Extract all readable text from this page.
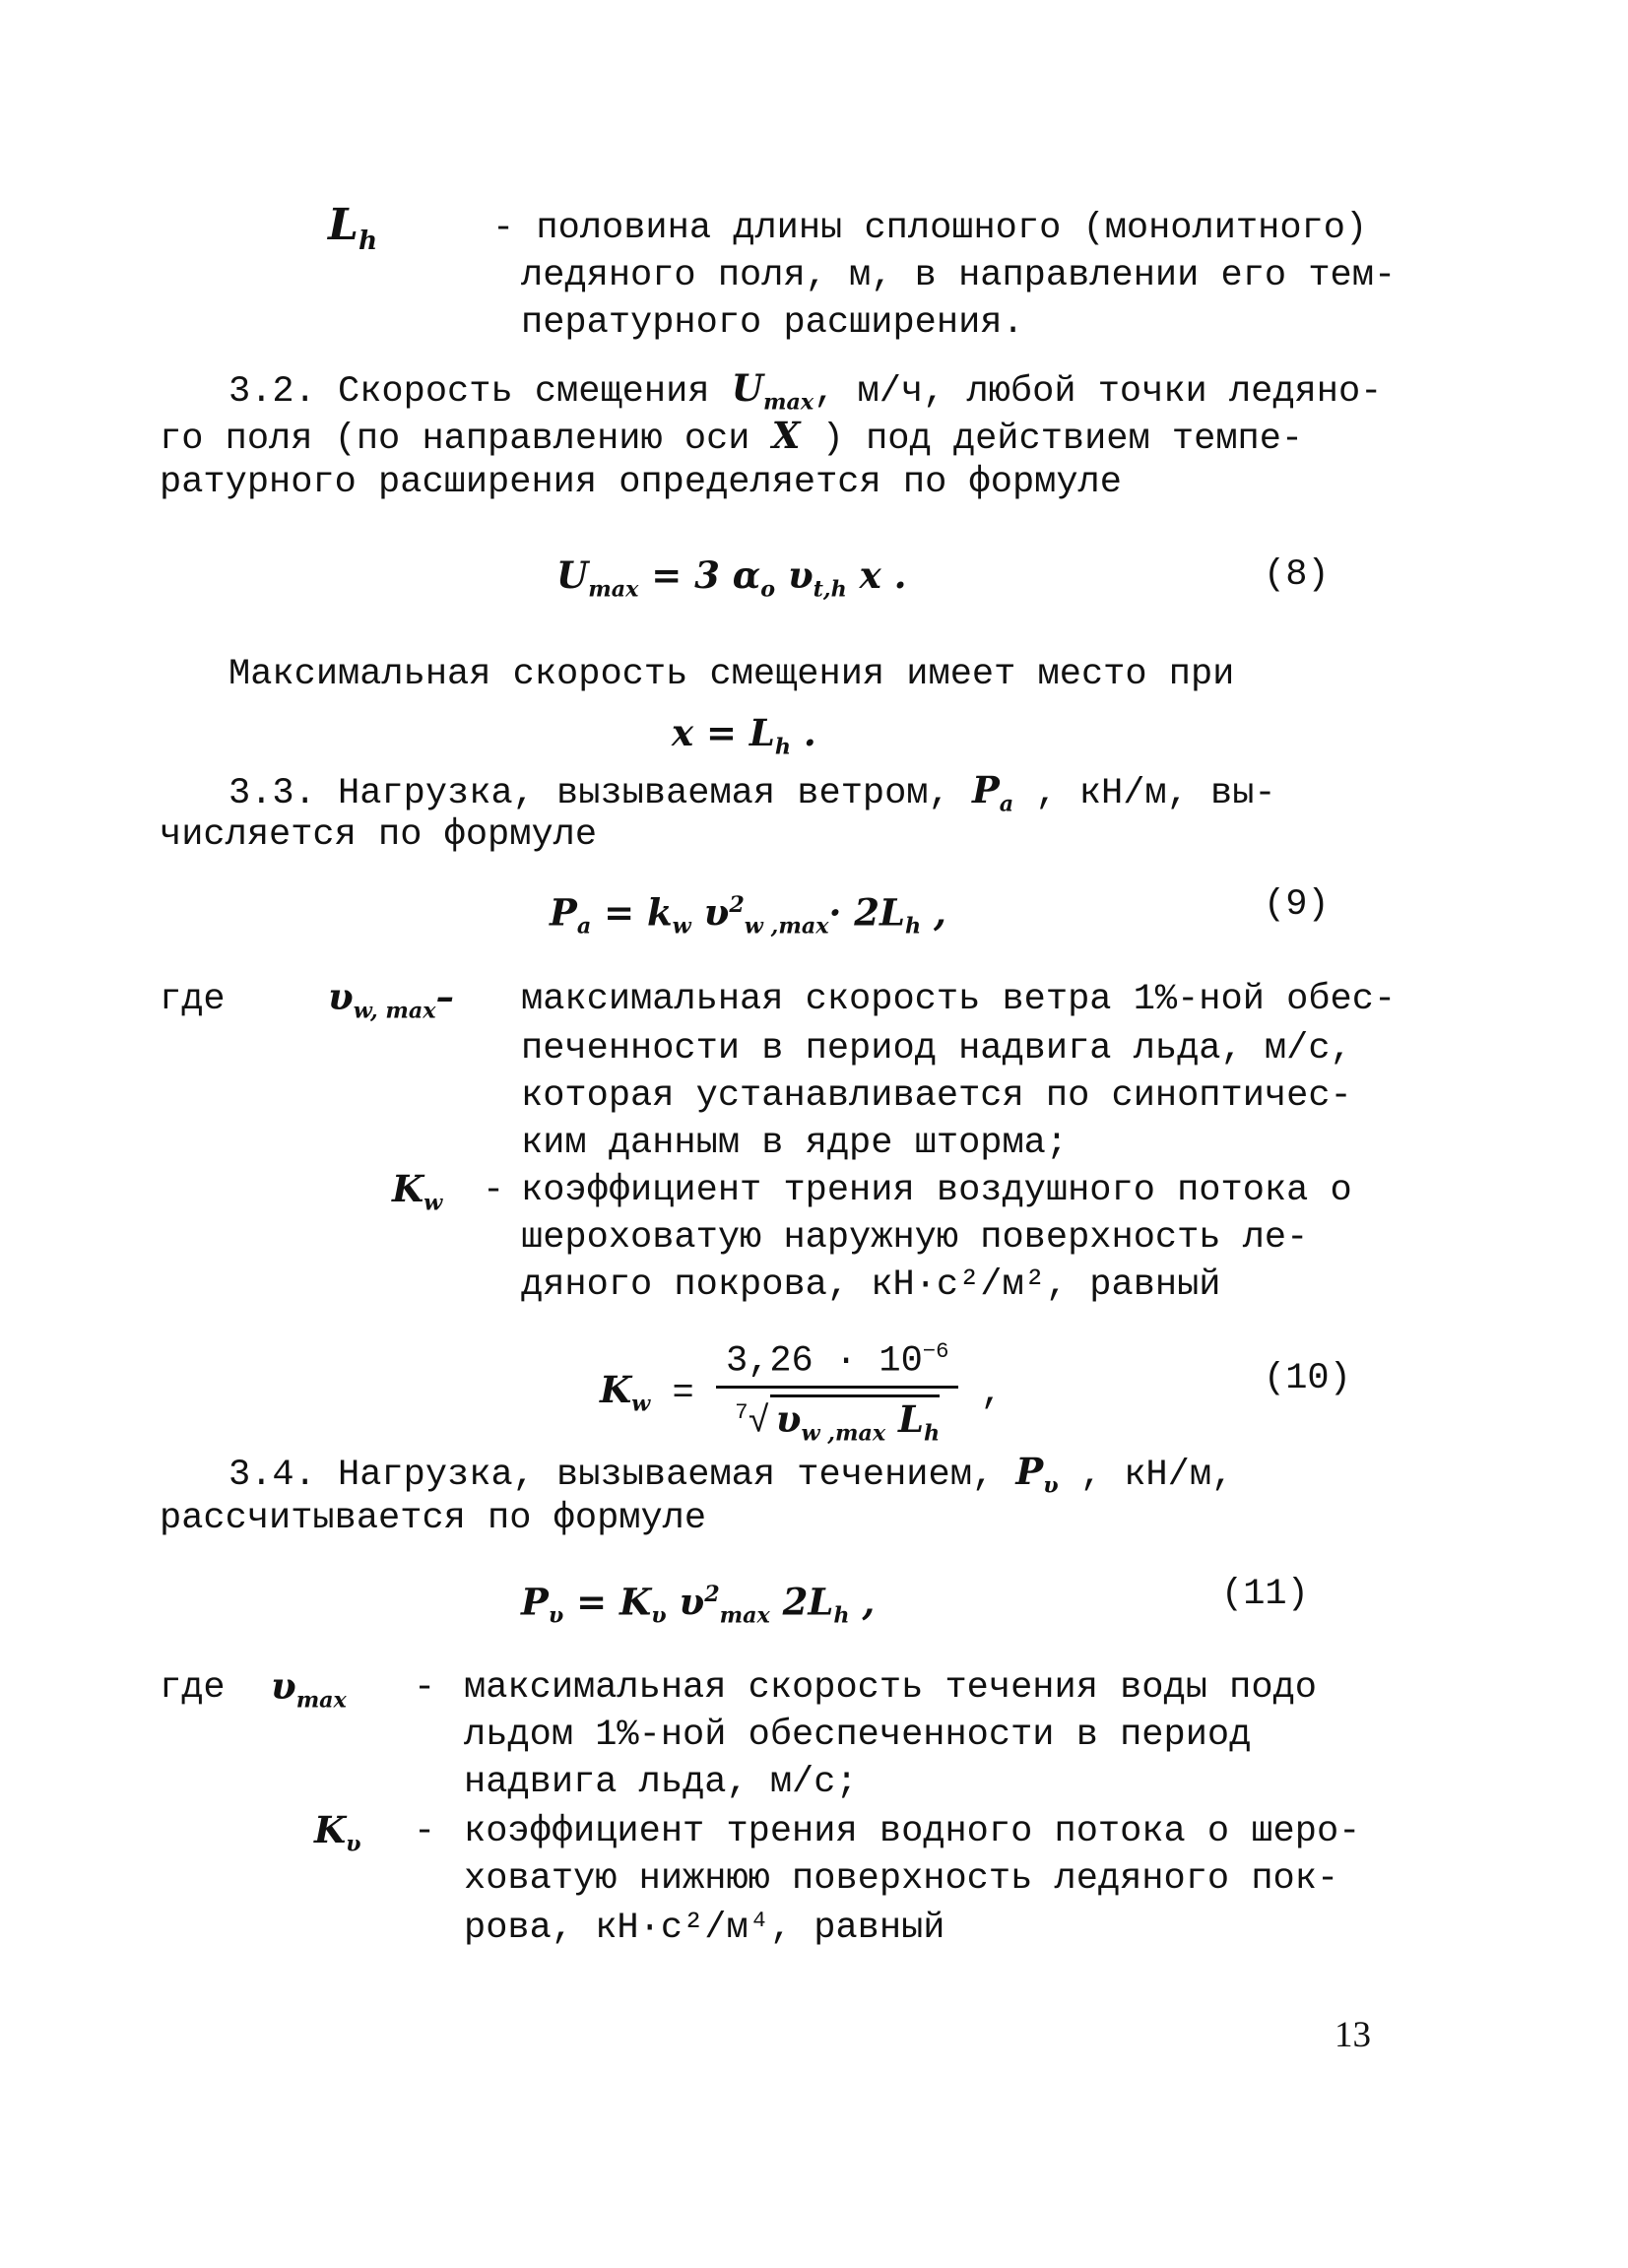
$L_h$	- половина длины сплошного (монолитного)
ледяного поля, м, в направлении его тем-
пературного расширения.
3.2. Скорость смещения $U_{max}$, м/ч, любой точки ледяно-
го поля (по направлению оси X ) под действием темпе-
ратурного расширения определяется по формуле
$U_{max} = 3$ $\alpha_o$ $\upsilon_{t,h}$ x .	(8)
Максимальная скорость смещения имеет место при
$x = L_h$ .
3.3. Нагрузка, вызываемая ветром, $P_a$ , кН/м, вы-
числяется по формуле
$P_a = k_w$ $\upsilon^2_{w ,max}\cdot 2L_h$ ,	(9)
где	$\upsilon_{w, max}-$ максимальная скорость ветра 1%-ной обес-
печенности в период надвига льда, м/с,
которая устанавливается по синоптичес-
ким данным в ядре шторма;
$K_w$ - коэффициент трения воздушного потока о
шероховатую наружную поверхность ле-
дяного покрова, кН·с²/м², равный
$K_w = \frac{3,26 \cdot 10^{-6}}{^7√ \upsilon_{w ,max} L_h}$ ,	(10)
3.4. Нагрузка, вызываемая течением, $P_\upsilon$ , кН/м,
рассчитывается по формуле
$P_\upsilon = K_\upsilon$ $\upsilon^2_{max}$ $2L_h$ ,	(11)
где $\upsilon_{max}$ - максимальная скорость течения воды подо
льдом 1%-ной обеспеченности в период
надвига льда, м/с;
$K_\upsilon$ - коэффициент трения водного потока о шеро-
ховатую нижнюю поверхность ледяного пок-
рова, кН·с²/м⁴, равный
13
